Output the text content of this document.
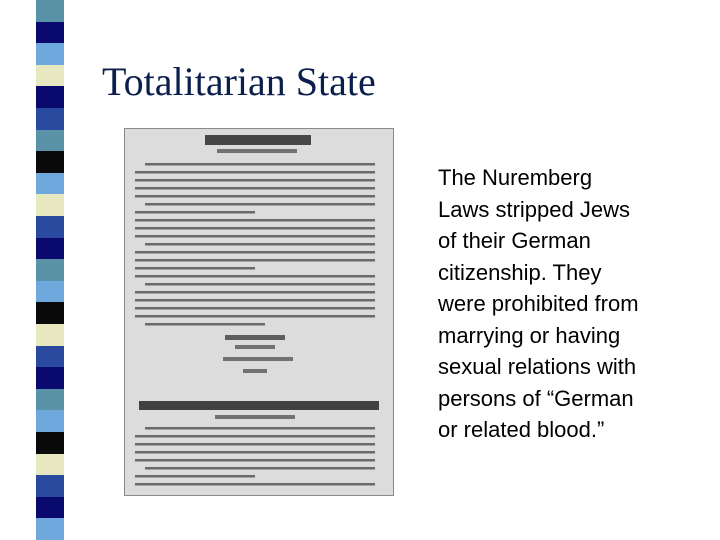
Totalitarian State

The Nuremberg
Laws stripped Jews
of their German
citizenship. They
were prohibited from
marrying or having
sexual relations with
persons of “German
or related blood.”
